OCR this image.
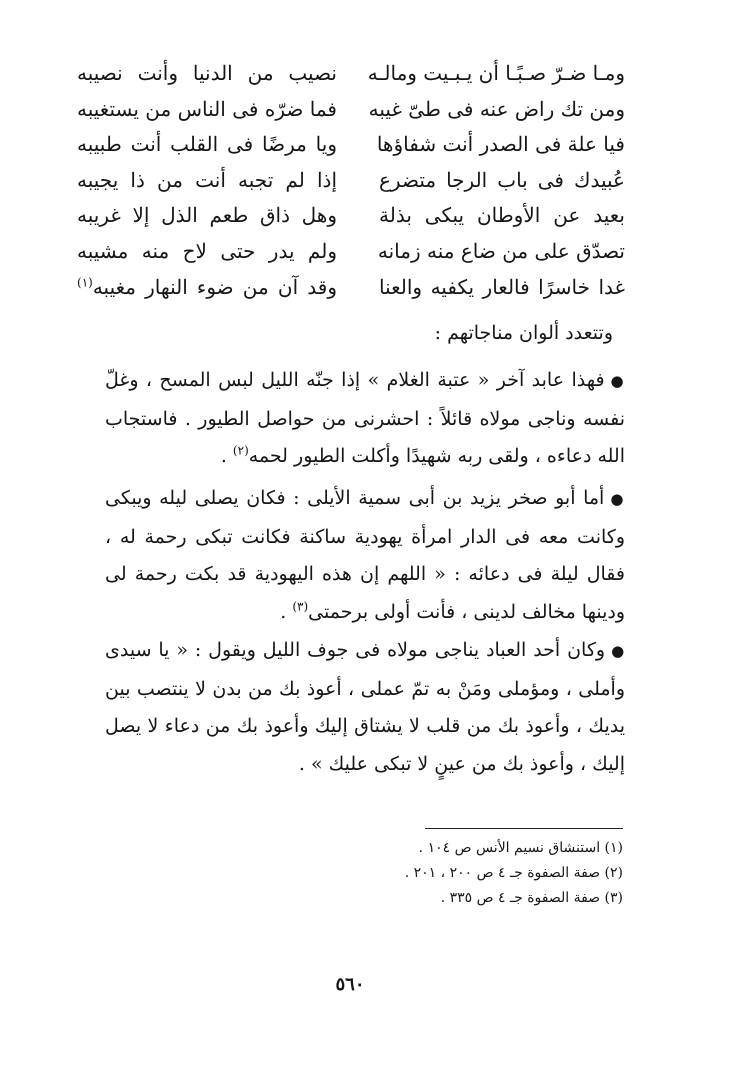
ومـا ضـرّ صـبًـا أن يـبـيت ومالـه
ومن تك راض عنه فى طىّ غيبه
فيا علة فى الصدر أنت شفاؤها
عُبيدك فى باب الرجا متضرع
بعيد عن الأوطان يبكى بذلة
تصدّق على من ضاع منه زمانه
غدا خاسرًا فالعار يكفيه والعنا
نصيب من الدنيا وأنت نصيبه
فما ضرّه فى الناس من يستغيبه
ويا مرضًا فى القلب أنت طبيبه
إذا لم تجبه أنت من ذا يجيبه
وهل ذاق طعم الذل إلا غريبه
ولم يدر حتى لاح منه مشيبه
وقد آن من ضوء النهار مغيبه$^{(١)}$
وتتعدد ألوان مناجاتهم :
●فهذا عابد آخر « عتبة الغلام » إذا جنّه الليل لبس المسح ، وغلّ نفسه وناجى مولاه قائلاً : احشرنى من حواصل الطيور . فاستجاب الله دعاءه ، ولقى ربه شهيدًا وأكلت الطيور لحمه$^{(٢)}$ .
●أما أبو صخر يزيد بن أبى سمية الأيلى : فكان يصلى ليله ويبكى وكانت معه فى الدار امرأة يهودية ساكنة فكانت تبكى رحمة له ، فقال ليلة فى دعائه : « اللهم إن هذه اليهودية قد بكت رحمة لى ودينها مخالف لدينى ، فأنت أولى برحمتى$^{(٣)}$ .
●وكان أحد العباد يناجى مولاه فى جوف الليل ويقول : « يا سيدى وأملى ، ومؤملى ومَنْ به تمّ عملى ، أعوذ بك من بدن لا ينتصب بين يديك ، وأعوذ بك من قلب لا يشتاق إليك وأعوذ بك من دعاء لا يصل إليك ، وأعوذ بك من عينٍ لا تبكى عليك » .
(١) استنشاق نسيم الأنس ص ١٠٤ .
(٢) صفة الصفوة جـ ٤ ص ٢٠٠ ، ٢٠١ .
(٣) صفة الصفوة جـ ٤ ص ٣٣٥ .
٥٦٠
